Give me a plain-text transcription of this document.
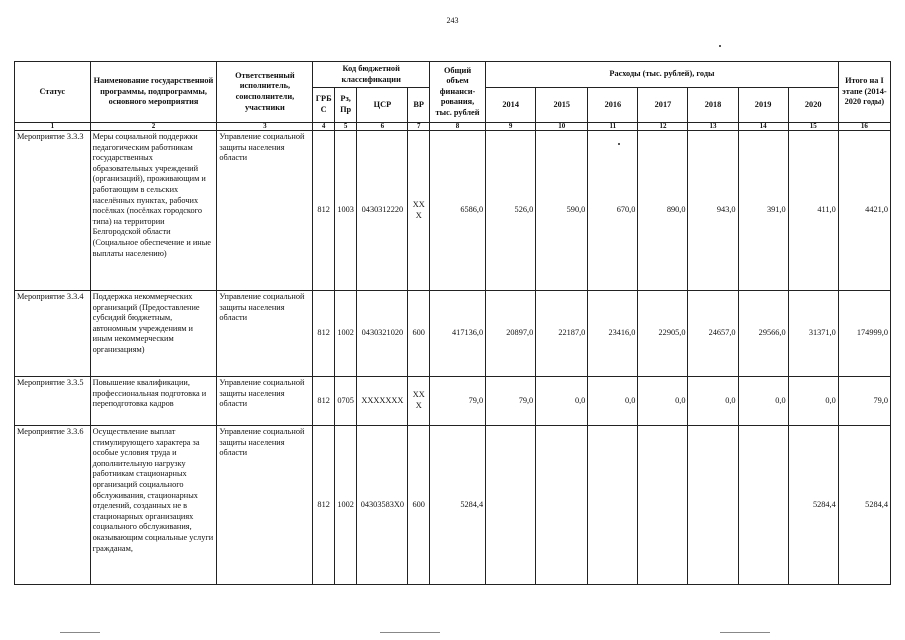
243
Статус	Наименование государственной программы, подпрограммы, основного мероприятия	Ответственный исполнитель, соисполнители, участники	Код бюджетной классификации				Общий объем финанси-рования, тыс. рублей	Расходы (тыс. рублей), годы							Итого на I этапе (2014-2020 годы)
			ГРБС	Рз, Пр	ЦСР	ВР		2014	2015	2016	2017	2018	2019	2020	
1	2	3	4	5	6	7	8	9	10	11	12	13	14	15	16
Мероприятие 3.3.3	Меры социальной поддержки педагогическим работникам государственных образовательных учреждений (организаций), проживающим и работающим в сельских населённых пунктах, рабочих посёлках (посёлках городского типа) на территории Белгородской области (Социальное обеспечение и иные выплаты населению)	Управление социальной защиты населения области	812	1003	0430312220	XX X	6586,0	526,0	590,0	670,0	890,0	943,0	391,0	411,0	4421,0
Мероприятие 3.3.4	Поддержка некоммерческих организаций (Предоставление субсидий бюджетным, автономным учреждениям и иным некоммерческим организациям)	Управление социальной защиты населения области	812	1002	0430321020	600	417136,0	20897,0	22187,0	23416,0	22905,0	24657,0	29566,0	31371,0	174999,0
Мероприятие 3.3.5	Повышение квалификации, профессиональная подготовка и переподготовка кадров	Управление социальной защиты населения области	812	0705	XXXXXXX	XXX	79,0	79,0	0,0	0,0	0,0	0,0	0,0	0,0	79,0
Мероприятие 3.3.6	Осуществление выплат стимулирующего характера за особые условия труда и дополнительную нагрузку работникам стационарных организаций социального обслуживания, стационарных отделений, созданных не в стационарных организациях социального обслуживания, оказывающим социальные услуги гражданам,	Управление социальной защиты населения области	812	1002	04303583Х0	600	5284,4							5284,4	5284,4
